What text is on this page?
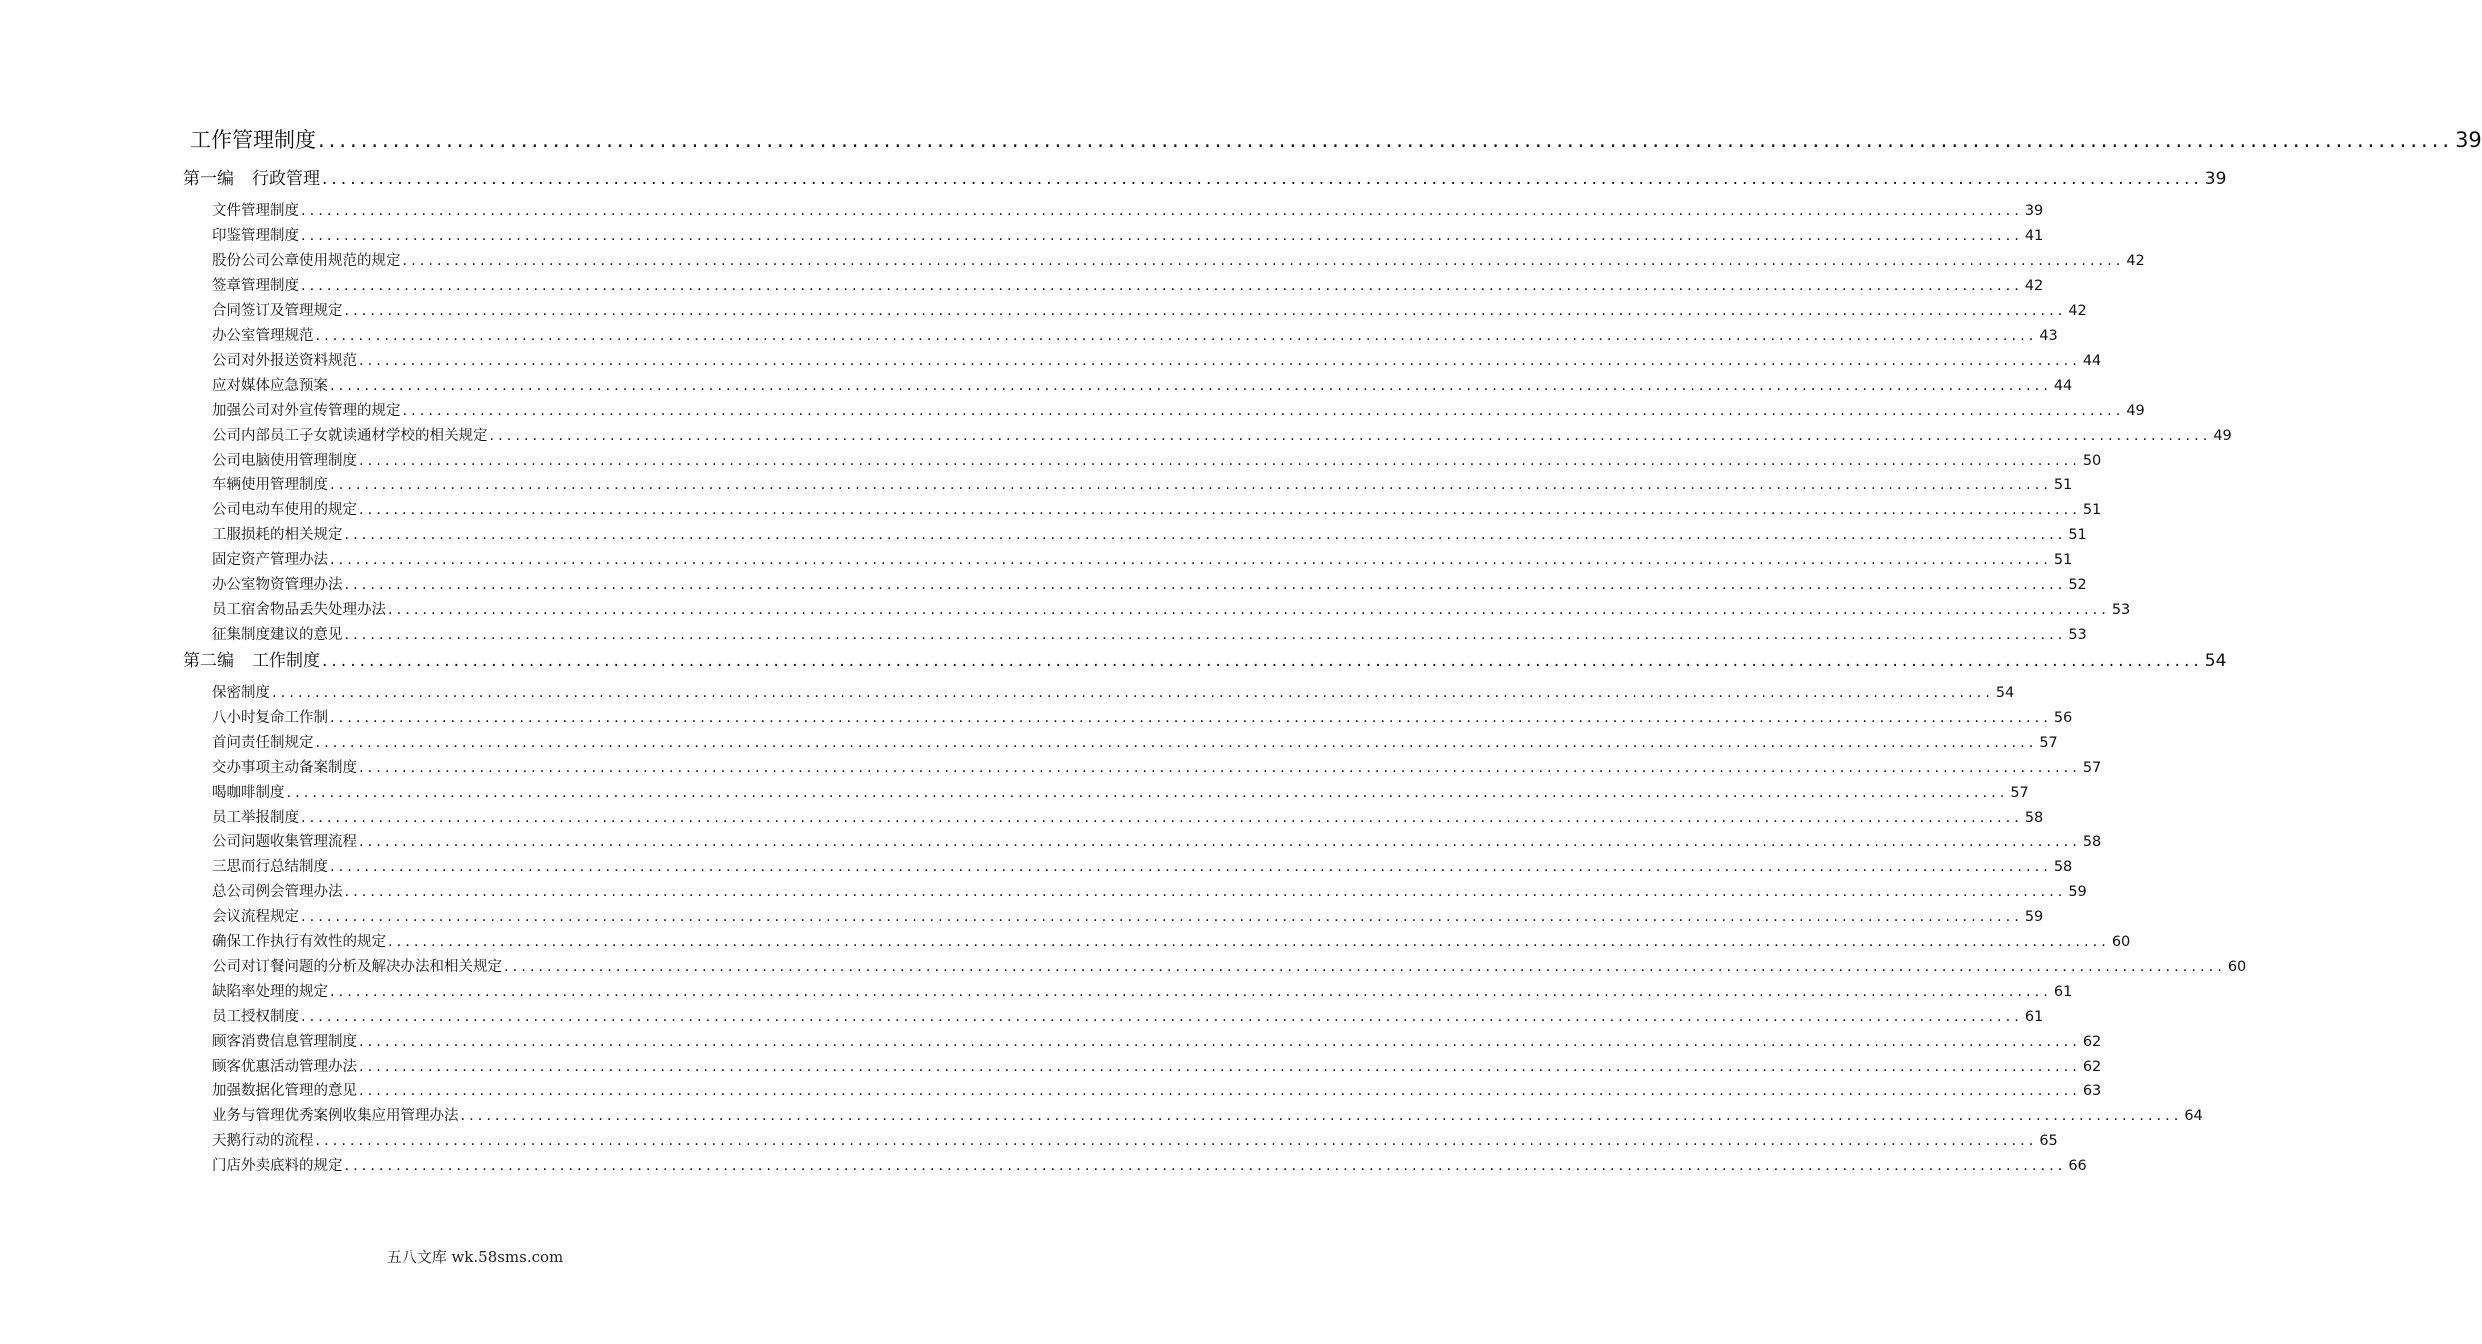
工作管理制度 ........................................................................................................................................................................................................ 39
第一编 行政管理 ........................................................................................................................................................................................................ 39
文件管理制度 ........................................................................................................................................................................................................ 39
印鉴管理制度 ........................................................................................................................................................................................................ 41
股份公司公章使用规范的规定 ........................................................................................................................................................................................................ 42
签章管理制度 ........................................................................................................................................................................................................ 42
合同签订及管理规定 ........................................................................................................................................................................................................ 42
办公室管理规范 ........................................................................................................................................................................................................ 43
公司对外报送资料规范 ........................................................................................................................................................................................................ 44
应对媒体应急预案 ........................................................................................................................................................................................................ 44
加强公司对外宣传管理的规定 ........................................................................................................................................................................................................ 49
公司内部员工子女就读通材学校的相关规定 ........................................................................................................................................................................................................ 49
公司电脑使用管理制度 ........................................................................................................................................................................................................ 50
车辆使用管理制度 ........................................................................................................................................................................................................ 51
公司电动车使用的规定 ........................................................................................................................................................................................................ 51
工服损耗的相关规定 ........................................................................................................................................................................................................ 51
固定资产管理办法 ........................................................................................................................................................................................................ 51
办公室物资管理办法 ........................................................................................................................................................................................................ 52
员工宿舍物品丢失处理办法 ........................................................................................................................................................................................................ 53
征集制度建议的意见 ........................................................................................................................................................................................................ 53
第二编 工作制度 ........................................................................................................................................................................................................ 54
保密制度 ........................................................................................................................................................................................................ 54
八小时复命工作制 ........................................................................................................................................................................................................ 56
首问责任制规定 ........................................................................................................................................................................................................ 57
交办事项主动备案制度 ........................................................................................................................................................................................................ 57
喝咖啡制度 ........................................................................................................................................................................................................ 57
员工举报制度 ........................................................................................................................................................................................................ 58
公司问题收集管理流程 ........................................................................................................................................................................................................ 58
三思而行总结制度 ........................................................................................................................................................................................................ 58
总公司例会管理办法 ........................................................................................................................................................................................................ 59
会议流程规定 ........................................................................................................................................................................................................ 59
确保工作执行有效性的规定 ........................................................................................................................................................................................................ 60
公司对订餐问题的分析及解决办法和相关规定 ........................................................................................................................................................................................................ 60
缺陷率处理的规定 ........................................................................................................................................................................................................ 61
员工授权制度 ........................................................................................................................................................................................................ 61
顾客消费信息管理制度 ........................................................................................................................................................................................................ 62
顾客优惠活动管理办法 ........................................................................................................................................................................................................ 62
加强数据化管理的意见 ........................................................................................................................................................................................................ 63
业务与管理优秀案例收集应用管理办法 ........................................................................................................................................................................................................ 64
天鹅行动的流程 ........................................................................................................................................................................................................ 65
门店外卖底料的规定 ........................................................................................................................................................................................................ 66
五八文库 wk.58sms.com
